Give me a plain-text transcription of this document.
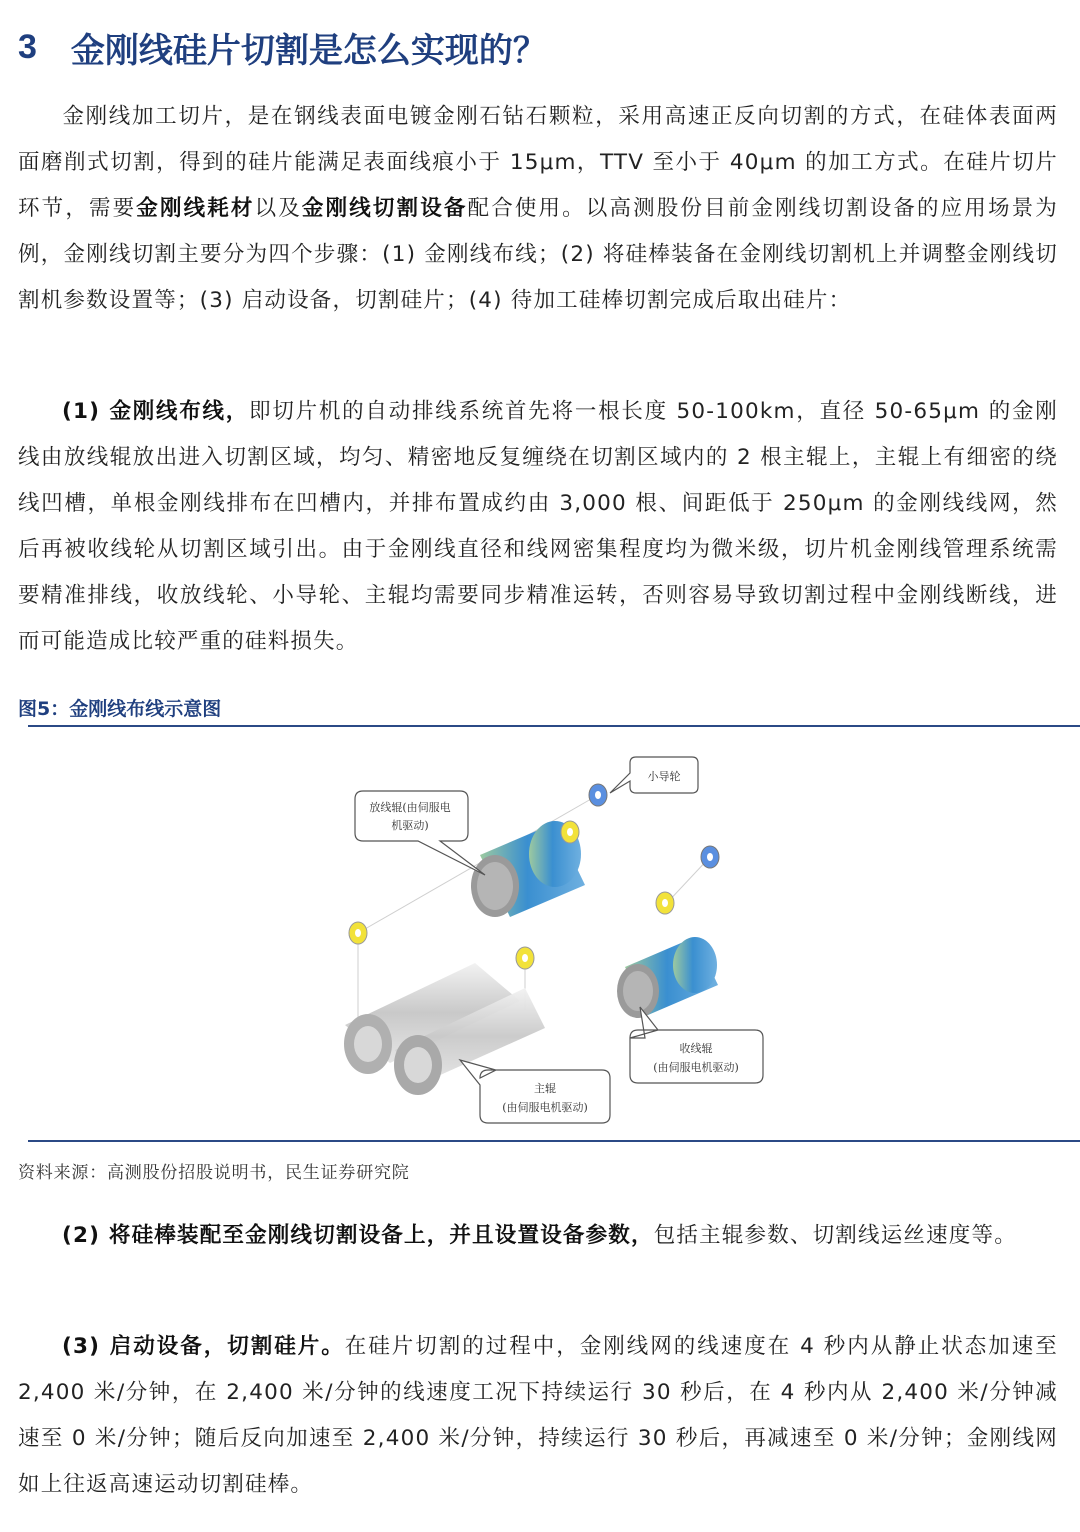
3 金刚线硅片切割是怎么实现的？
金刚线加工切片，是在钢线表面电镀金刚石钻石颗粒，采用高速正反向切割的方式，在硅体表面两面磨削式切割，得到的硅片能满足表面线痕小于 15μm，TTV 至小于 40μm 的加工方式。在硅片切片环节，需要金刚线耗材以及金刚线切割设备配合使用。以高测股份目前金刚线切割设备的应用场景为例，金刚线切割主要分为四个步骤：(1) 金刚线布线；(2) 将硅棒装备在金刚线切割机上并调整金刚线切割机参数设置等；(3) 启动设备，切割硅片；(4) 待加工硅棒切割完成后取出硅片：
(1) 金刚线布线，即切片机的自动排线系统首先将一根长度 50-100km，直径 50-65μm 的金刚线由放线辊放出进入切割区域，均匀、精密地反复缠绕在切割区域内的 2 根主辊上，主辊上有细密的绕线凹槽，单根金刚线排布在凹槽内，并排布置成约由 3,000 根、间距低于 250μm 的金刚线线网，然后再被收线轮从切割区域引出。由于金刚线直径和线网密集程度均为微米级，切片机金刚线管理系统需要精准排线，收放线轮、小导轮、主辊均需要同步精准运转，否则容易导致切割过程中金刚线断线，进而可能造成比较严重的硅料损失。
图5：金刚线布线示意图
小导轮
放线辊(由伺服电
机驱动)
收线辊
(由伺服电机驱动)
主辊
(由伺服电机驱动)
资料来源：高测股份招股说明书，民生证券研究院
(2) 将硅棒装配至金刚线切割设备上，并且设置设备参数，包括主辊参数、切割线运丝速度等。
(3) 启动设备，切割硅片。在硅片切割的过程中，金刚线网的线速度在 4 秒内从静止状态加速至 2,400 米/分钟，在 2,400 米/分钟的线速度工况下持续运行 30 秒后，在 4 秒内从 2,400 米/分钟减速至 0 米/分钟；随后反向加速至 2,400 米/分钟，持续运行 30 秒后，再减速至 0 米/分钟；金刚线网如上往返高速运动切割硅棒。
